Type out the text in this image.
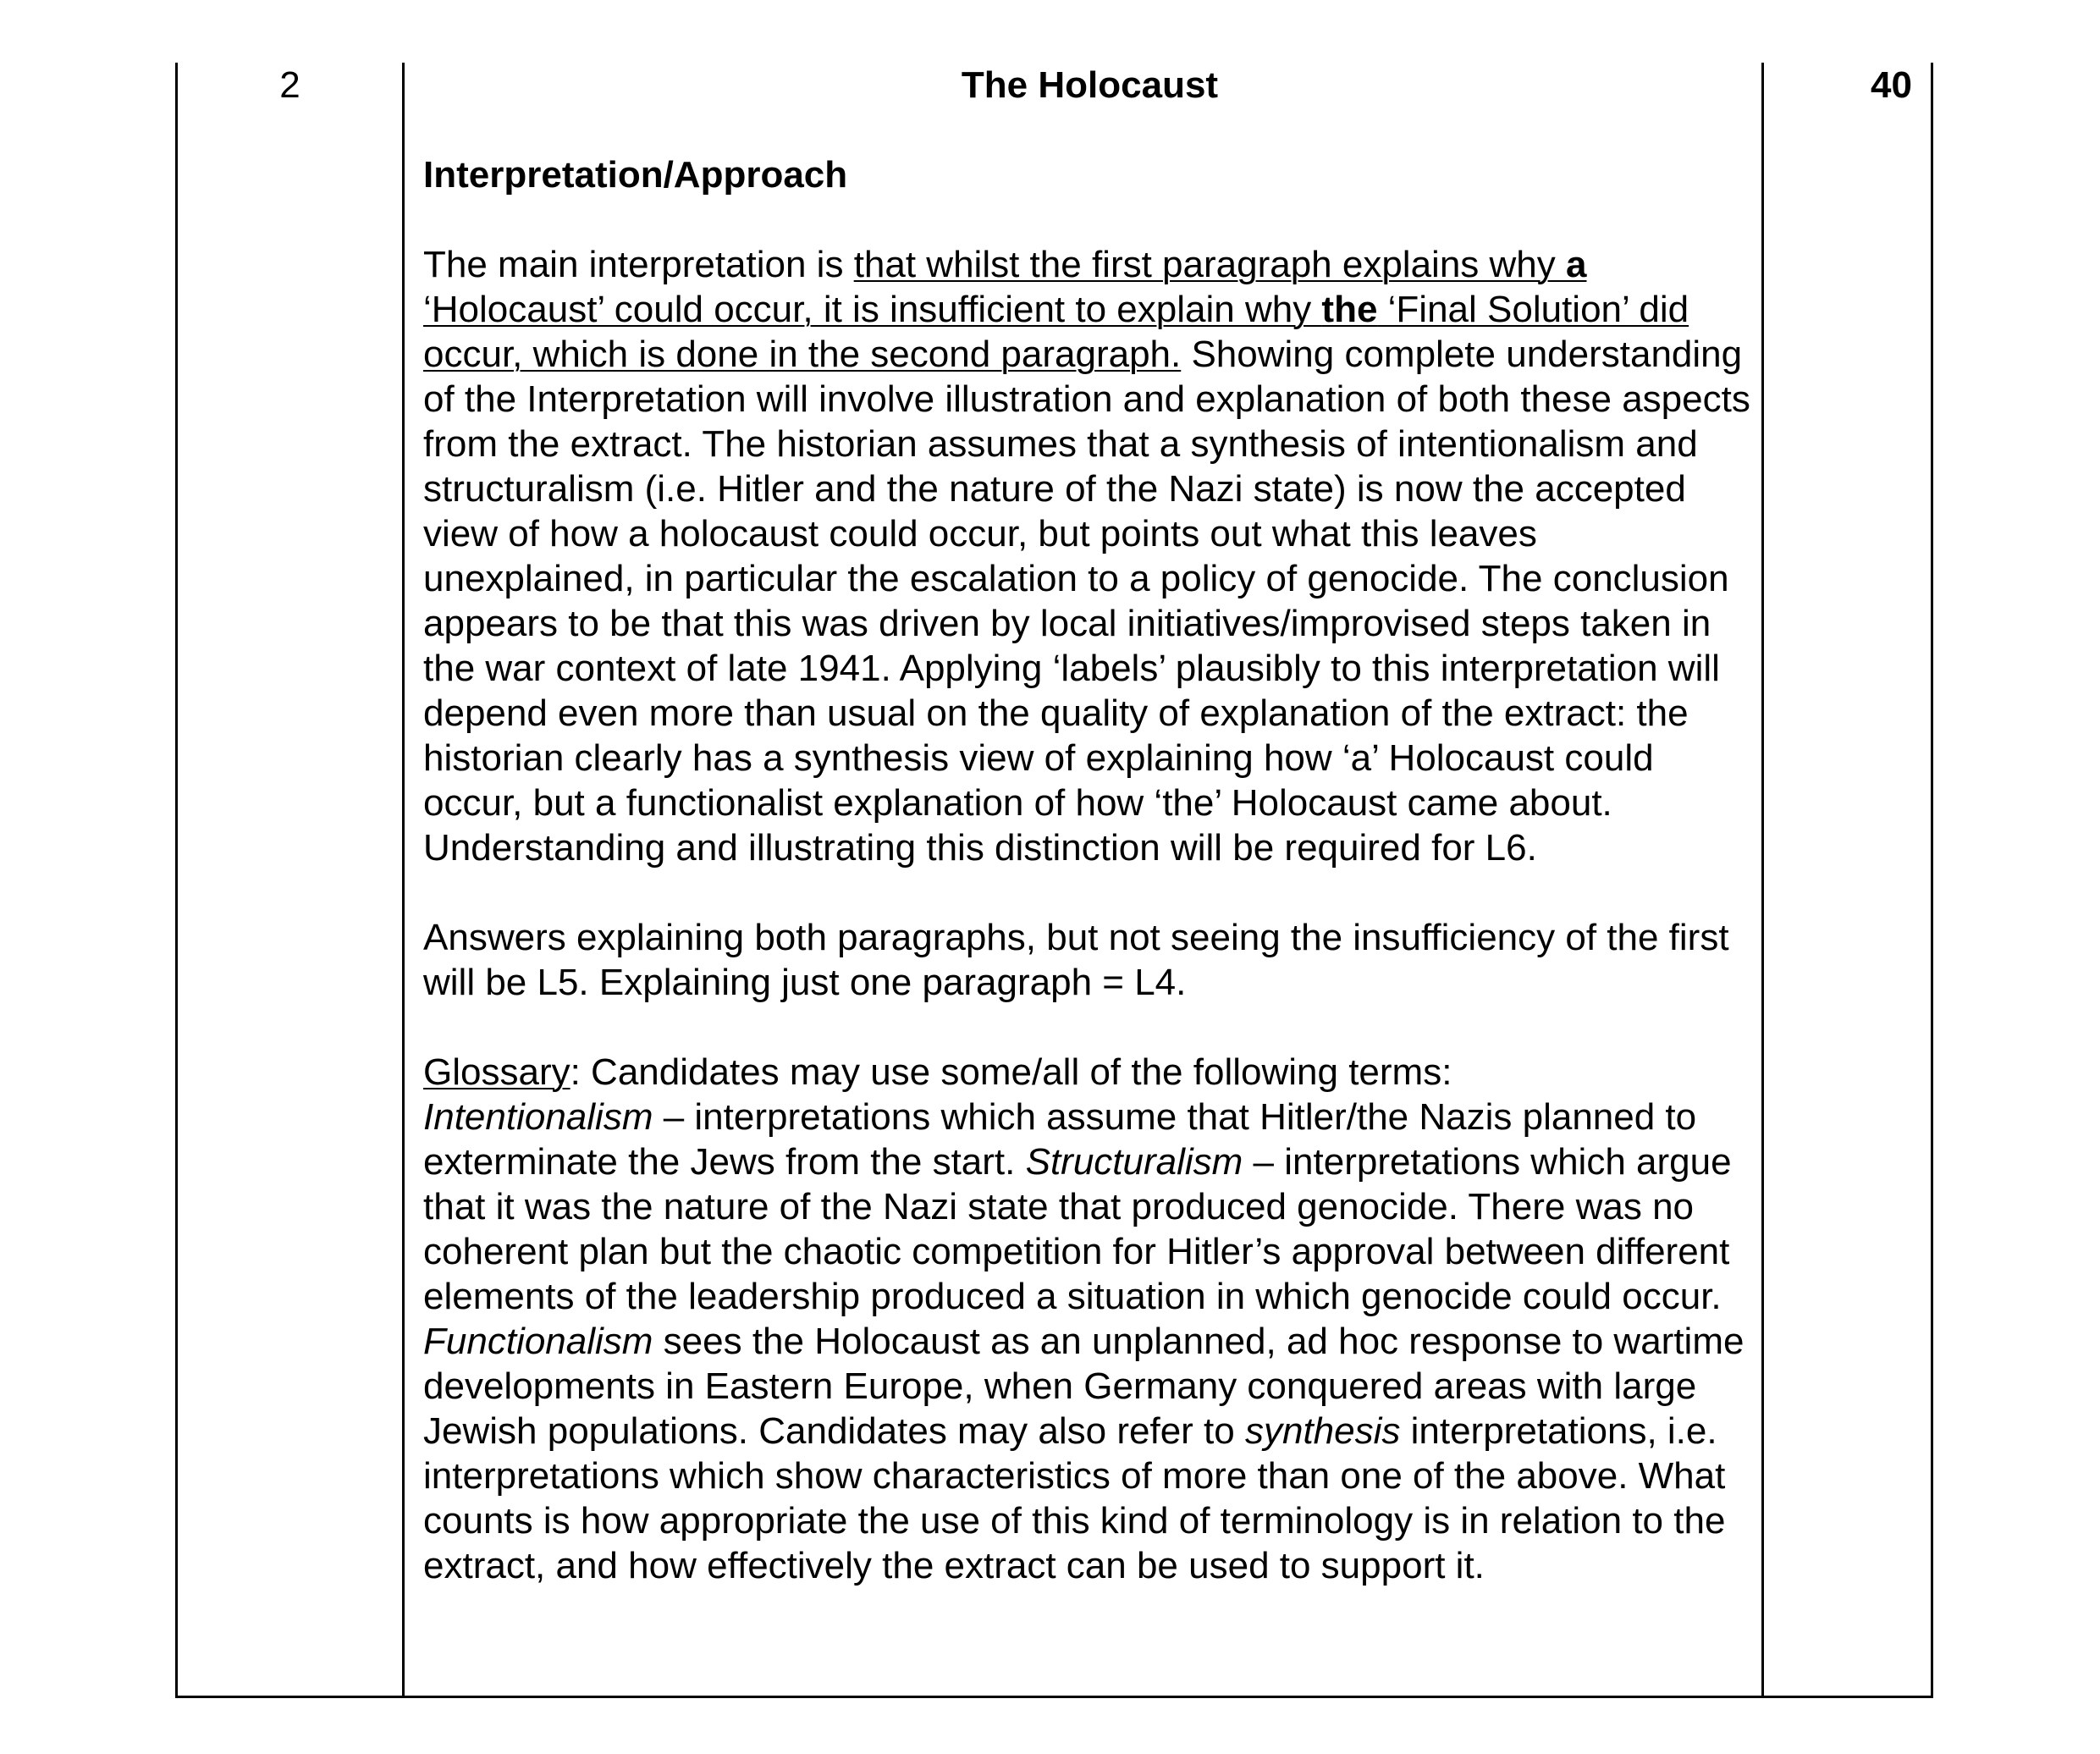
2	The Holocaust

Interpretation/Approach

The main interpretation is that whilst the first paragraph explains why a ‘Holocaust’ could occur, it is insufficient to explain why the ‘Final Solution’ did occur, which is done in the second paragraph. Showing complete understanding of the Interpretation will involve illustration and explanation of both these aspects from the extract. The historian assumes that a synthesis of intentionalism and structuralism (i.e. Hitler and the nature of the Nazi state) is now the accepted view of how a holocaust could occur, but points out what this leaves unexplained, in particular the escalation to a policy of genocide. The conclusion appears to be that this was driven by local initiatives/improvised steps taken in the war context of late 1941. Applying ‘labels’ plausibly to this interpretation will depend even more than usual on the quality of explanation of the extract: the historian clearly has a synthesis view of explaining how ‘a’ Holocaust could occur, but a functionalist explanation of how ‘the’ Holocaust came about. Understanding and illustrating this distinction will be required for L6.

Answers explaining both paragraphs, but not seeing the insufficiency of the first will be L5. Explaining just one paragraph = L4.

Glossary: Candidates may use some/all of the following terms:
Intentionalism – interpretations which assume that Hitler/the Nazis planned to exterminate the Jews from the start. Structuralism – interpretations which argue that it was the nature of the Nazi state that produced genocide. There was no coherent plan but the chaotic competition for Hitler’s approval between different elements of the leadership produced a situation in which genocide could occur. Functionalism sees the Holocaust as an unplanned, ad hoc response to wartime developments in Eastern Europe, when Germany conquered areas with large Jewish populations. Candidates may also refer to synthesis interpretations, i.e. interpretations which show characteristics of more than one of the above. What counts is how appropriate the use of this kind of terminology is in relation to the extract, and how effectively the extract can be used to support it.

40
